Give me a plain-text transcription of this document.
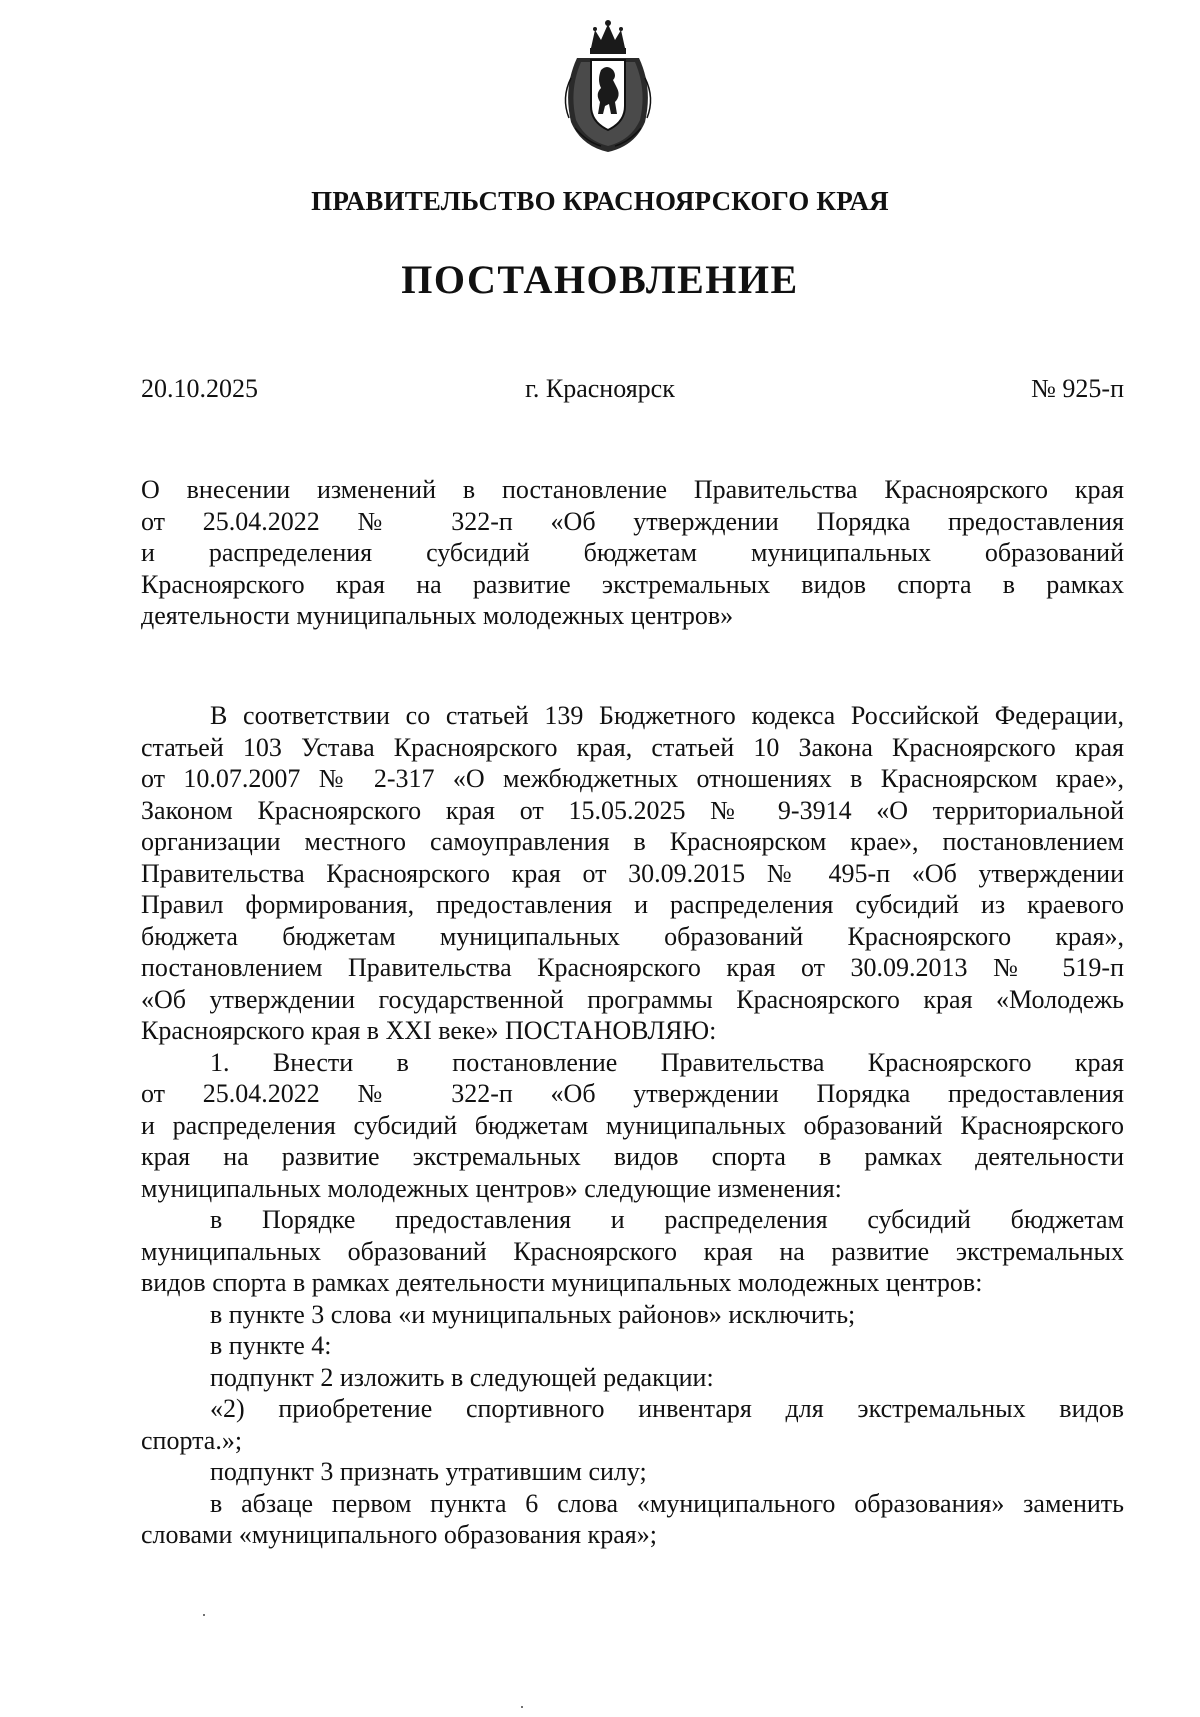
ПРАВИТЕЛЬСТВО КРАСНОЯРСКОГО КРАЯ
ПОСТАНОВЛЕНИЕ
20.10.2025	г. Красноярск	№ 925-п
О внесении изменений в постановление Правительства Красноярского края
от 25.04.2022 № 322-п «Об утверждении Порядка предоставления
и распределения субсидий бюджетам муниципальных образований
Красноярского края на развитие экстремальных видов спорта в рамках
деятельности муниципальных молодежных центров»
В соответствии со статьей 139 Бюджетного кодекса Российской Федерации,
статьей 103 Устава Красноярского края, статьей 10 Закона Красноярского края
от 10.07.2007 № 2-317 «О межбюджетных отношениях в Красноярском крае»,
Законом Красноярского края от 15.05.2025 № 9-3914 «О территориальной
организации местного самоуправления в Красноярском крае», постановлением
Правительства Красноярского края от 30.09.2015 № 495-п «Об утверждении
Правил формирования, предоставления и распределения субсидий из краевого
бюджета бюджетам муниципальных образований Красноярского края»,
постановлением Правительства Красноярского края от 30.09.2013 № 519-п
«Об утверждении государственной программы Красноярского края «Молодежь
Красноярского края в XXI веке» ПОСТАНОВЛЯЮ:
1. Внести в постановление Правительства Красноярского края
от 25.04.2022 № 322-п «Об утверждении Порядка предоставления
и распределения субсидий бюджетам муниципальных образований Красноярского
края на развитие экстремальных видов спорта в рамках деятельности
муниципальных молодежных центров» следующие изменения:
в Порядке предоставления и распределения субсидий бюджетам
муниципальных образований Красноярского края на развитие экстремальных
видов спорта в рамках деятельности муниципальных молодежных центров:
в пункте 3 слова «и муниципальных районов» исключить;
в пункте 4:
подпункт 2 изложить в следующей редакции:
«2) приобретение спортивного инвентаря для экстремальных видов
спорта.»;
подпункт 3 признать утратившим силу;
в абзаце первом пункта 6 слова «муниципального образования» заменить
словами «муниципального образования края»;
